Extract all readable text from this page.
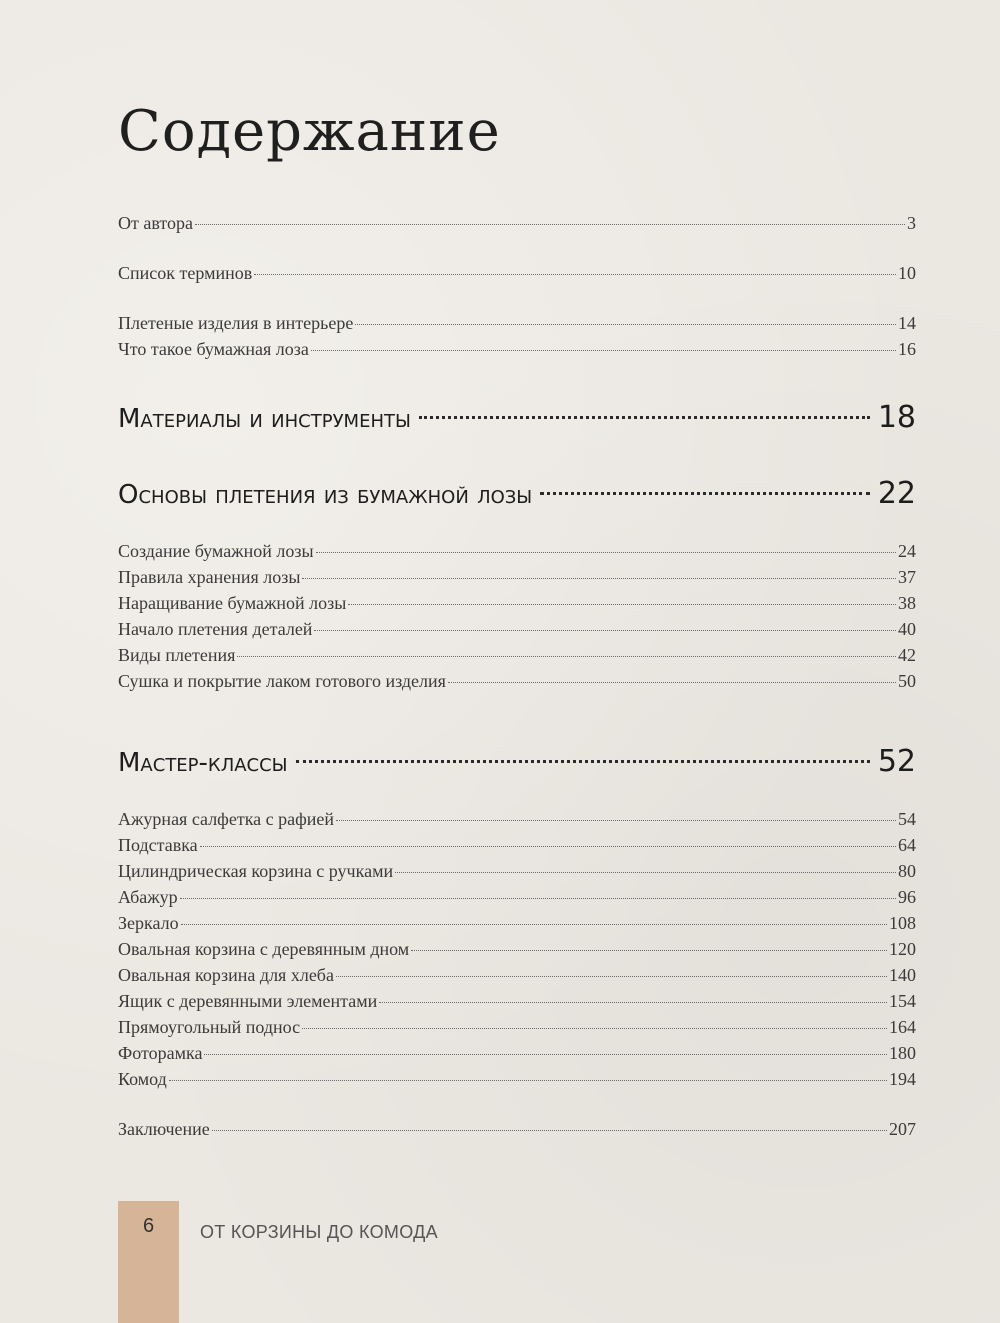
Содержание
От автора	3
Список терминов	10
Плетеные изделия в интерьере	14
Что такое бумажная лоза	16
Материалы и инструменты	18
Основы плетения из бумажной лозы	22
Создание бумажной лозы	24
Правила хранения лозы	37
Наращивание бумажной лозы	38
Начало плетения деталей	40
Виды плетения	42
Сушка и покрытие лаком готового изделия	50
Мастер-классы	52
Ажурная салфетка с рафией	54
Подставка	64
Цилиндрическая корзина с ручками	80
Абажур	96
Зеркало	108
Овальная корзина с деревянным дном	120
Овальная корзина для хлеба	140
Ящик с деревянными элементами	154
Прямоугольный поднос	164
Фоторамка	180
Комод	194
Заключение	207
6	ОТ КОРЗИНЫ ДО КОМОДА
